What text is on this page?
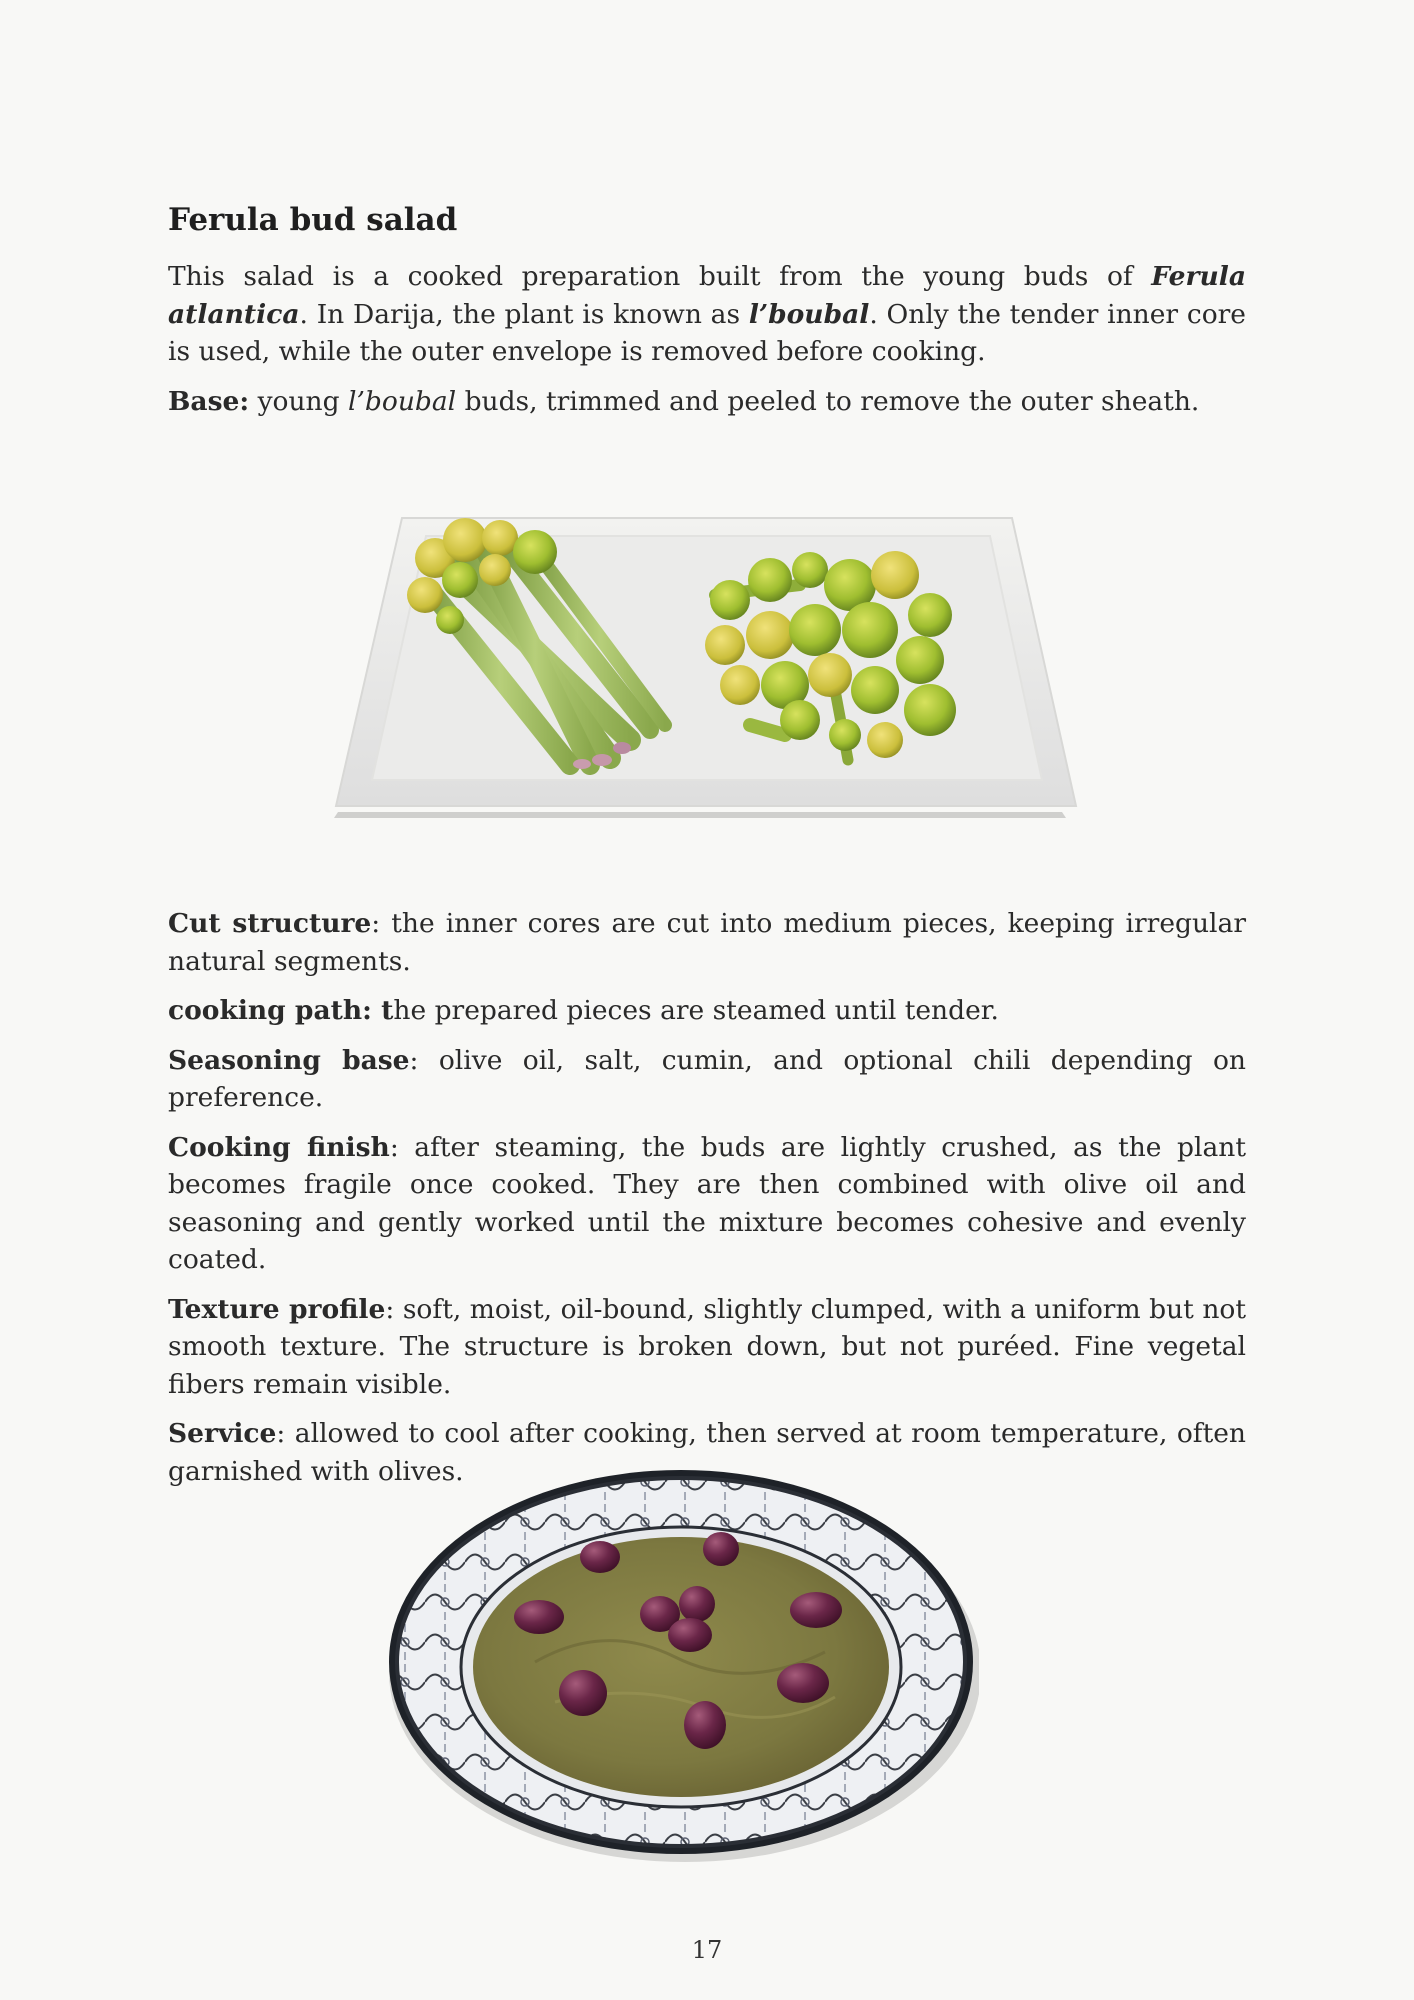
Ferula bud salad

This salad is a cooked preparation built from the young buds of Ferula atlantica. In Darija, the plant is known as l’boubal. Only the tender inner core is used, while the outer envelope is removed before cooking.

Base: young l’boubal buds, trimmed and peeled to remove the outer sheath.

Cut structure: the inner cores are cut into medium pieces, keeping irregular natural segments.

cooking path: the prepared pieces are steamed until tender.

Seasoning base: olive oil, salt, cumin, and optional chili depending on preference.

Cooking finish: after steaming, the buds are lightly crushed, as the plant becomes fragile once cooked. They are then combined with olive oil and seasoning and gently worked until the mixture becomes cohesive and evenly coated.

Texture profile: soft, moist, oil-bound, slightly clumped, with a uniform but not smooth texture. The structure is broken down, but not puréed. Fine vegetal fibers remain visible.

Service: allowed to cool after cooking, then served at room temperature, often garnished with olives.

17
